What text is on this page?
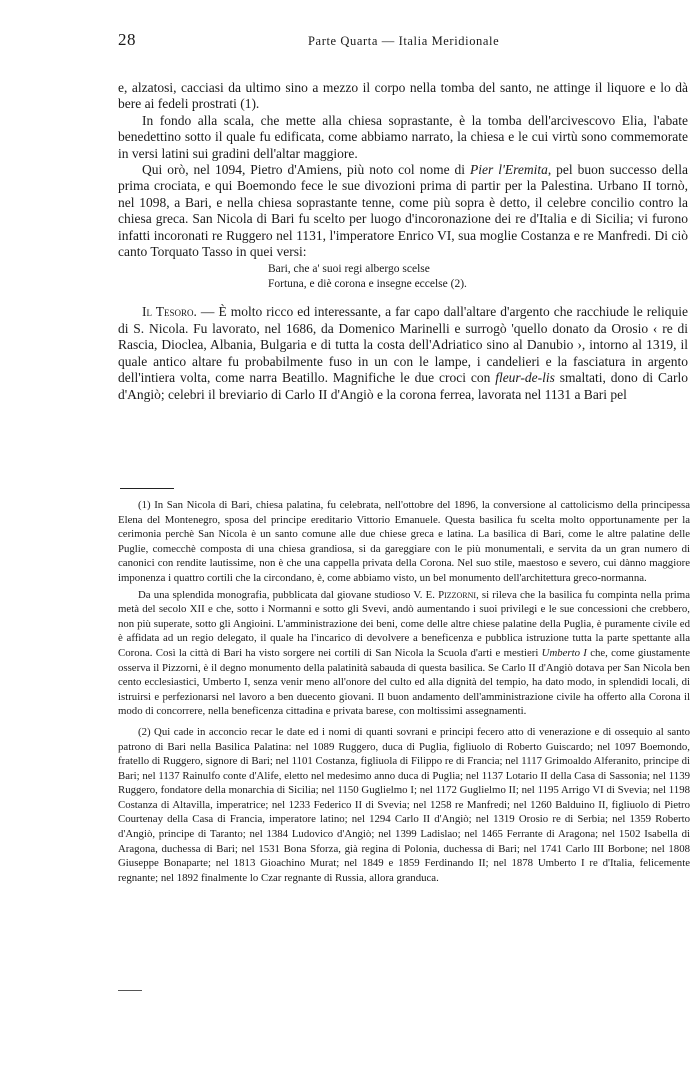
28	Parte Quarta — Italia Meridionale

e, alzatosi, cacciasi da ultimo sino a mezzo il corpo nella tomba del santo, ne attinge il liquore e lo dà bere ai fedeli prostrati (1).

In fondo alla scala, che mette alla chiesa soprastante, è la tomba dell'arcivescovo Elia, l'abate benedettino sotto il quale fu edificata, come abbiamo narrato, la chiesa e le cui virtù sono commemorate in versi latini sui gradini dell'altar maggiore.

Qui orò, nel 1094, Pietro d'Amiens, più noto col nome di Pier l'Eremita, pel buon successo della prima crociata, e qui Boemondo fece le sue divozioni prima di partir per la Palestina. Urbano II tornò, nel 1098, a Bari, e nella chiesa soprastante tenne, come più sopra è detto, il celebre concilio contro la chiesa greca. San Nicola di Bari fu scelto per luogo d'incoronazione dei re d'Italia e di Sicilia; vi furono infatti incoronati re Ruggero nel 1131, l'imperatore Enrico VI, sua moglie Costanza e re Manfredi. Di ciò canto Torquato Tasso in quei versi:

Bari, che a' suoi regi albergo scelse
Fortuna, e diè corona e insegne eccelse (2).

Il Tesoro. — È molto ricco ed interessante, a far capo dall'altare d'argento che racchiude le reliquie di S. Nicola. Fu lavorato, nel 1686, da Domenico Marinelli e surrogò 'quello donato da Orosio ‹ re di Rascia, Dioclea, Albania, Bulgaria e di tutta la costa dell'Adriatico sino al Danubio ›, intorno al 1319, il quale antico altare fu probabilmente fuso in un con le lampe, i candelieri e la fasciatura in argento dell'intiera volta, come narra Beatillo. Magnifiche le due croci con fleur-de-lis smaltati, dono di Carlo d'Angiò; celebri il breviario di Carlo II d'Angiò e la corona ferrea, lavorata nel 1131 a Bari pel

(1) In San Nicola di Bari, chiesa palatina, fu celebrata, nell'ottobre del 1896, la conversione al cattolicismo della principessa Elena del Montenegro, sposa del principe ereditario Vittorio Emanuele. Questa basilica fu scelta molto opportunamente per la cerimonia perchè San Nicola è un santo comune alle due chiese greca e latina. La basilica di Bari, come le altre palatine delle Puglie, comecchè composta di una chiesa grandiosa, si da gareggiare con le più monumentali, e servita da un gran numero di canonici con rendite lautissime, non è che una cappella privata della Corona. Nel suo stile, maestoso e severo, cui dànno maggiore imponenza i quattro cortili che la circondano, è, come abbiamo visto, un bel monumento dell'architettura greco-normanna.

Da una splendida monografia, pubblicata dal giovane studioso V. E. Pizzorni, si rileva che la basilica fu compinta nella prima metà del secolo XII e che, sotto i Normanni e sotto gli Svevi, andò aumentando i suoi privilegi e le sue concessioni che crebbero, non più superate, sotto gli Angioini. L'amministrazione dei beni, come delle altre chiese palatine della Puglia, è puramente civile ed è affidata ad un regio delegato, il quale ha l'incarico di devolvere a beneficenza e pubblica istruzione tutta la parte spettante alla Corona. Così la città di Bari ha visto sorgere nei cortili di San Nicola la Scuola d'arti e mestieri Umberto I che, come giustamente osserva il Pizzorni, è il degno monumento della palatinità sabauda di questa basilica. Se Carlo II d'Angiò dotava per San Nicola ben cento ecclesiastici, Umberto I, senza venir meno all'onore del culto ed alla dignità del tempio, ha dato modo, in splendidi locali, di istruirsi e perfezionarsi nel lavoro a ben duecento giovani. Il buon andamento dell'amministrazione civile ha offerto alla Corona il modo di concorrere, nella beneficenza cittadina e privata barese, con moltissimi assegnamenti.

(2) Qui cade in acconcio recar le date ed i nomi di quanti sovrani e principi fecero atto di venerazione e di ossequio al santo patrono di Bari nella Basilica Palatina: nel 1089 Ruggero, duca di Puglia, figliuolo di Roberto Guiscardo; nel 1097 Boemondo, fratello di Ruggero, signore di Bari; nel 1101 Costanza, figliuola di Filippo re di Francia; nel 1117 Grimoaldo Alferanito, principe di Bari; nel 1137 Rainulfo conte d'Alife, eletto nel medesimo anno duca di Puglia; nel 1137 Lotario II della Casa di Sassonia; nel 1139 Ruggero, fondatore della monarchia di Sicilia; nel 1150 Guglielmo I; nel 1172 Guglielmo II; nel 1195 Arrigo VI di Svevia; nel 1198 Costanza di Altavilla, imperatrice; nel 1233 Federico II di Svevia; nel 1258 re Manfredi; nel 1260 Balduino II, figliuolo di Pietro Courtenay della Casa di Francia, imperatore latino; nel 1294 Carlo II d'Angiò; nel 1319 Orosio re di Serbia; nel 1359 Roberto d'Angiò, principe di Taranto; nel 1384 Ludovico d'Angiò; nel 1399 Ladislao; nel 1465 Ferrante di Aragona; nel 1502 Isabella di Aragona, duchessa di Bari; nel 1531 Bona Sforza, già regina di Polonia, duchessa di Bari; nel 1741 Carlo III Borbone; nel 1808 Giuseppe Bonaparte; nel 1813 Gioachino Murat; nel 1849 e 1859 Ferdinando II; nel 1878 Umberto I re d'Italia, felicemente regnante; nel 1892 finalmente lo Czar regnante di Russia, allora granduca.
